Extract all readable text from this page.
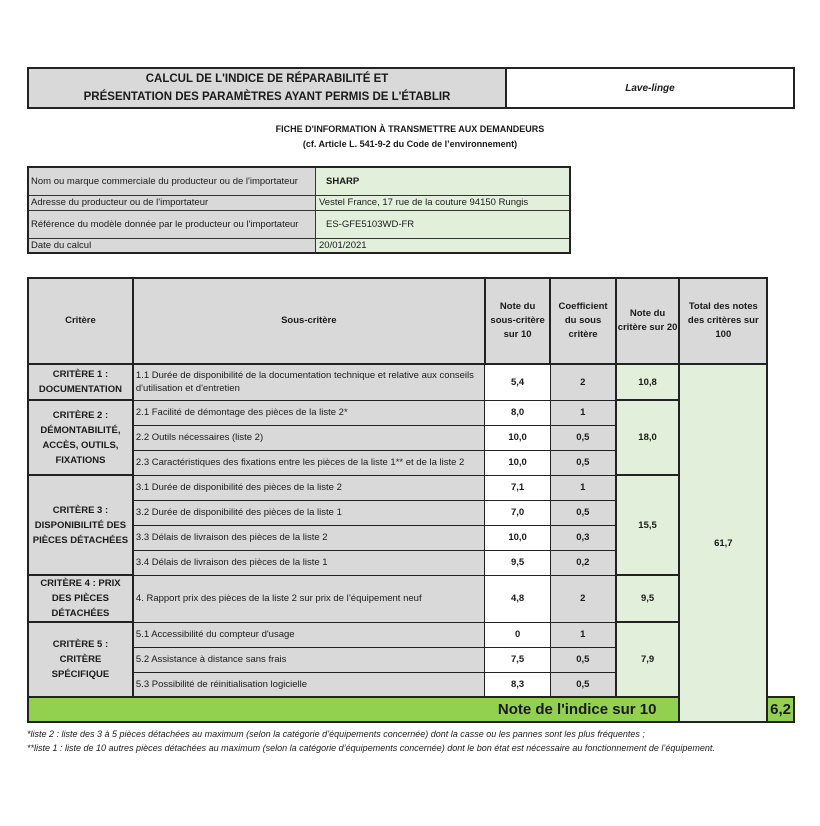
CALCUL DE L'INDICE DE RÉPARABILITÉ ET
PRÉSENTATION DES PARAMÈTRES AYANT PERMIS DE L'ÉTABLIR
Lave-linge
FICHE D'INFORMATION À TRANSMETTRE AUX DEMANDEURS
(cf. Article L. 541-9-2 du Code de l’environnement)
Nom ou marque commerciale du producteur ou de l'importateur	SHARP
Adresse du producteur ou de l'importateur	Vestel France, 17 rue de la couture 94150 Rungis
Référence du modèle donnée par le producteur ou l'importateur	ES-GFE5103WD-FR
Date du calcul	20/01/2021
Critère	Sous-critère	Note du sous-critère sur 10	Coefficient du sous critère	Note du critère sur 20	Total des notes des critères sur 100	
CRITÈRE 1 : DOCUMENTATION	1.1 Durée de disponibilité de la documentation technique et relative aux conseils d'utilisation et d'entretien	5,4	2	10,8	61,7	
CRITÈRE 2 : DÉMONTABILITÉ, ACCÈS, OUTILS, FIXATIONS	2.1 Facilité de démontage des pièces de la liste 2*	8,0	1	18,0		
	2.2 Outils nécessaires (liste 2)	10,0	0,5			
	2.3 Caractéristiques des fixations entre les pièces de la liste 1** et de la liste 2	10,0	0,5			
CRITÈRE 3 : DISPONIBILITÉ DES PIÈCES DÉTACHÉES	3.1 Durée de disponibilité des pièces de la liste 2	7,1	1	15,5		
	3.2 Durée de disponibilité des pièces de la liste 1	7,0	0,5			
	3.3 Délais de livraison des pièces de la liste 2	10,0	0,3			
	3.4 Délais de livraison des pièces de la liste 1	9,5	0,2			
CRITÈRE 4 : PRIX DES PIÈCES DÉTACHÉES	4. Rapport prix des pièces de la liste 2 sur prix de l’équipement neuf	4,8	2	9,5		
CRITÈRE 5 : CRITÈRE SPÉCIFIQUE	5.1 Accessibilité du compteur d'usage	0	1	7,9		
	5.2 Assistance à distance sans frais	7,5	0,5			
	5.3 Possibilité de réinitialisation logicielle	8,3	0,5			
Note de l'indice sur 10						6,2
*liste 2 : liste des 3 à 5 pièces détachées au maximum (selon la catégorie d’équipements concernée) dont la casse ou les pannes sont les plus fréquentes ;
**liste 1 : liste de 10 autres pièces détachées au maximum (selon la catégorie d’équipements concernée) dont le bon état est nécessaire au fonctionnement de l’équipement.
